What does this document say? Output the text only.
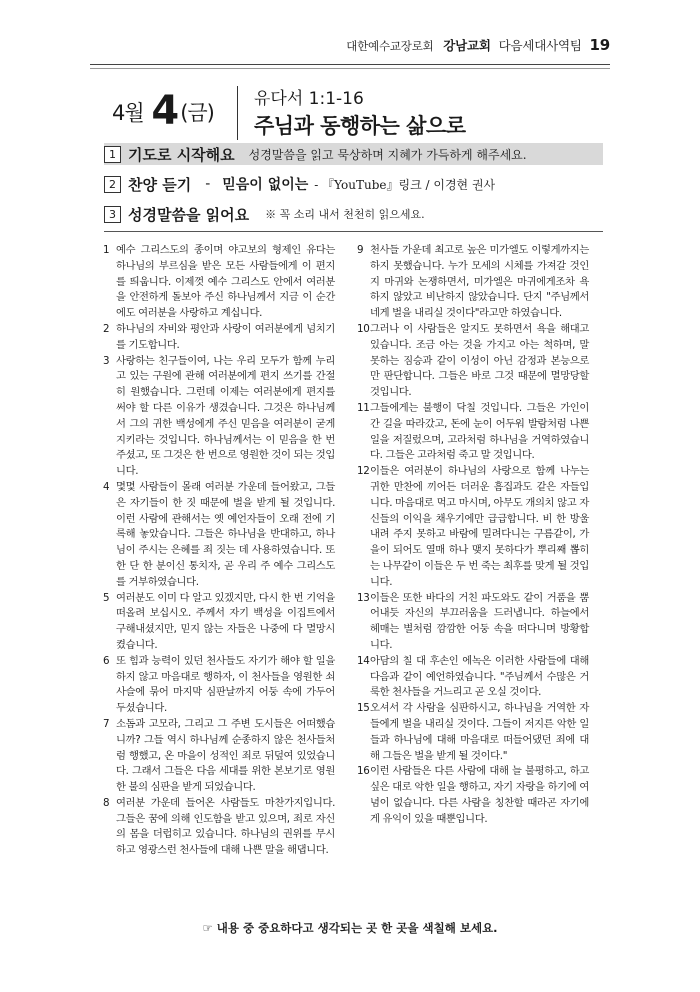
대한예수교장로회 강남교회 다음세대사역팀 19
4월 4(금)
유다서 1:1-16
주님과 동행하는 삶으로
1 기도로 시작해요 성경말씀을 읽고 묵상하며 지혜가 가득하게 해주세요.
2 찬양 듣기 - 믿음이 없이는 - 『YouTube』링크 / 이경현 권사
3 성경말씀을 읽어요 ※ 꼭 소리 내서 천천히 읽으세요.
1 예수 그리스도의 종이며 야고보의 형제인 유다는 하나님의 부르심을 받은 모든 사람들에게 이 편지를 띄웁니다. 이제껏 예수 그리스도 안에서 여러분을 안전하게 돌보아 주신 하나님께서 지금 이 순간에도 여러분을 사랑하고 계십니다.
2 하나님의 자비와 평안과 사랑이 여러분에게 넘치기를 기도합니다.
3 사랑하는 친구들이여, 나는 우리 모두가 함께 누리고 있는 구원에 관해 여러분에게 편지 쓰기를 간절히 원했습니다. 그런데 이제는 여러분에게 편지를 써야 할 다른 이유가 생겼습니다. 그것은 하나님께서 그의 귀한 백성에게 주신 믿음을 여러분이 굳게 지키라는 것입니다. 하나님께서는 이 믿음을 한 번 주셨고, 또 그것은 한 번으로 영원한 것이 되는 것입니다.
4 몇몇 사람들이 몰래 여러분 가운데 들어왔고, 그들은 자기들이 한 짓 때문에 벌을 받게 될 것입니다. 이런 사람에 관해서는 옛 예언자들이 오래 전에 기록해 놓았습니다. 그들은 하나님을 반대하고, 하나님이 주시는 은혜를 죄 짓는 데 사용하였습니다. 또한 단 한 분이신 통치자, 곧 우리 주 예수 그리스도를 거부하였습니다.
5 여러분도 이미 다 알고 있겠지만, 다시 한 번 기억을 떠올려 보십시오. 주께서 자기 백성을 이집트에서 구해내셨지만, 믿지 않는 자들은 나중에 다 멸망시켰습니다.
6 또 힘과 능력이 있던 천사들도 자기가 해야 할 일을 하지 않고 마음대로 행하자, 이 천사들을 영원한 쇠사슬에 묶어 마지막 심판날까지 어둥 속에 가두어 두셨습니다.
7 소돔과 고모라, 그리고 그 주변 도시들은 어떠했습니까? 그들 역시 하나님께 순종하지 않은 천사들처럼 행했고, 온 마을이 성적인 죄로 뒤덮여 있었습니다. 그래서 그들은 다음 세대를 위한 본보기로 영원한 불의 심판을 받게 되었습니다.
8 여러분 가운데 들어온 사람들도 마찬가지입니다. 그들은 꿈에 의해 인도함을 받고 있으며, 죄로 자신의 몸을 더럽히고 있습니다. 하나님의 권위를 무시하고 영광스런 천사들에 대해 나쁜 말을 해댑니다.
9 천사들 가운데 최고로 높은 미가엘도 이렇게까지는 하지 못했습니다. 누가 모세의 시체를 가져갈 것인지 마귀와 논쟁하면서, 미가엘은 마귀에게조차 욕하지 않았고 비난하지 않았습니다. 단지 "주님께서 네게 벌을 내리실 것이다"라고만 하였습니다.
10 그러나 이 사람들은 알지도 못하면서 욕을 해대고 있습니다. 조금 아는 것을 가지고 아는 척하며, 말 못하는 짐승과 같이 이성이 아닌 감정과 본능으로만 판단합니다. 그들은 바로 그것 때문에 멸망당할 것입니다.
11 그들에게는 불행이 닥칠 것입니다. 그들은 가인이 간 길을 따라갔고, 돈에 눈이 어두워 발람처럼 나쁜 일을 저질렀으며, 고라처럼 하나님을 거역하였습니다. 그들은 고라처럼 죽고 말 것입니다.
12 이들은 여러분이 하나님의 사랑으로 함께 나누는 귀한 만찬에 끼어든 더러운 흠집과도 같은 자들입니다. 마음대로 먹고 마시며, 아무도 개의치 않고 자신들의 이익을 채우기에만 급급합니다. 비 한 방울 내려 주지 못하고 바람에 밀려다니는 구름같이, 가을이 되어도 열매 하나 맺지 못하다가 뿌리째 뽑히는 나무같이 이들은 두 번 죽는 최후를 맞게 될 것입니다.
13 이들은 또한 바다의 거친 파도와도 같이 거품을 뿜어내듯 자신의 부끄러움을 드러냅니다. 하늘에서 헤매는 별처럼 깜깜한 어둥 속을 떠다니며 방황합니다.
14 아담의 칠 대 후손인 에녹은 이러한 사람들에 대해 다음과 같이 예언하였습니다. "주님께서 수많은 거룩한 천사들을 거느리고 곧 오실 것이다.
15 오셔서 각 사람을 심판하시고, 하나님을 거역한 자들에게 벌을 내리실 것이다. 그들이 저지른 악한 일들과 하나님에 대해 마음대로 떠들어댔던 죄에 대해 그들은 벌을 받게 될 것이다."
16 이런 사람들은 다른 사람에 대해 늘 불평하고, 하고 싶은 대로 악한 일을 행하고, 자기 자랑을 하기에 여념이 없습니다. 다른 사람을 칭찬할 때라곤 자기에게 유익이 있을 때뿐입니다.
☞ 내용 중 중요하다고 생각되는 곳 한 곳을 색칠해 보세요.
